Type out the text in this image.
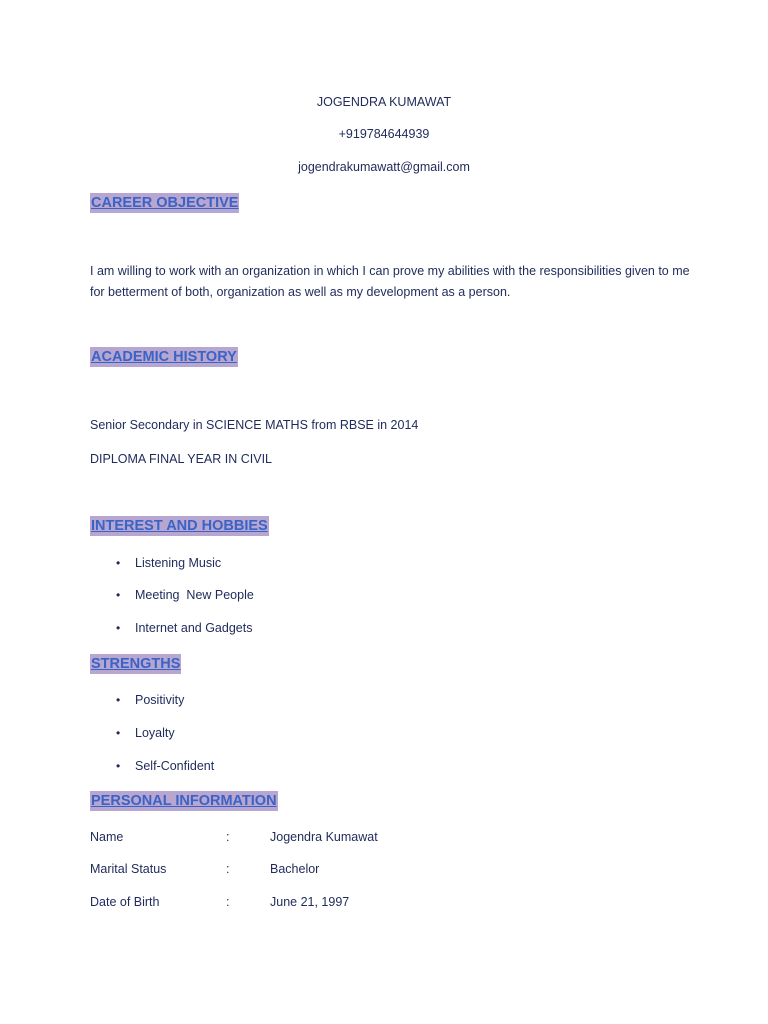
JOGENDRA KUMAWAT
+919784644939
jogendrakumawatt@gmail.com
CAREER OBJECTIVE
I am willing to work with an organization in which I can prove my abilities with the responsibilities given to me for betterment of both, organization as well as my development as a person.
ACADEMIC HISTORY
Senior Secondary in SCIENCE MATHS from RBSE in 2014
DIPLOMA FINAL YEAR IN CIVIL
INTEREST AND HOBBIES
• Listening Music
• Meeting  New People
• Internet and Gadgets
STRENGTHS
• Positivity
• Loyalty
• Self-Confident
PERSONAL INFORMATION
Name	:	Jogendra Kumawat
Marital Status	:	Bachelor
Date of Birth	:	June 21, 1997
